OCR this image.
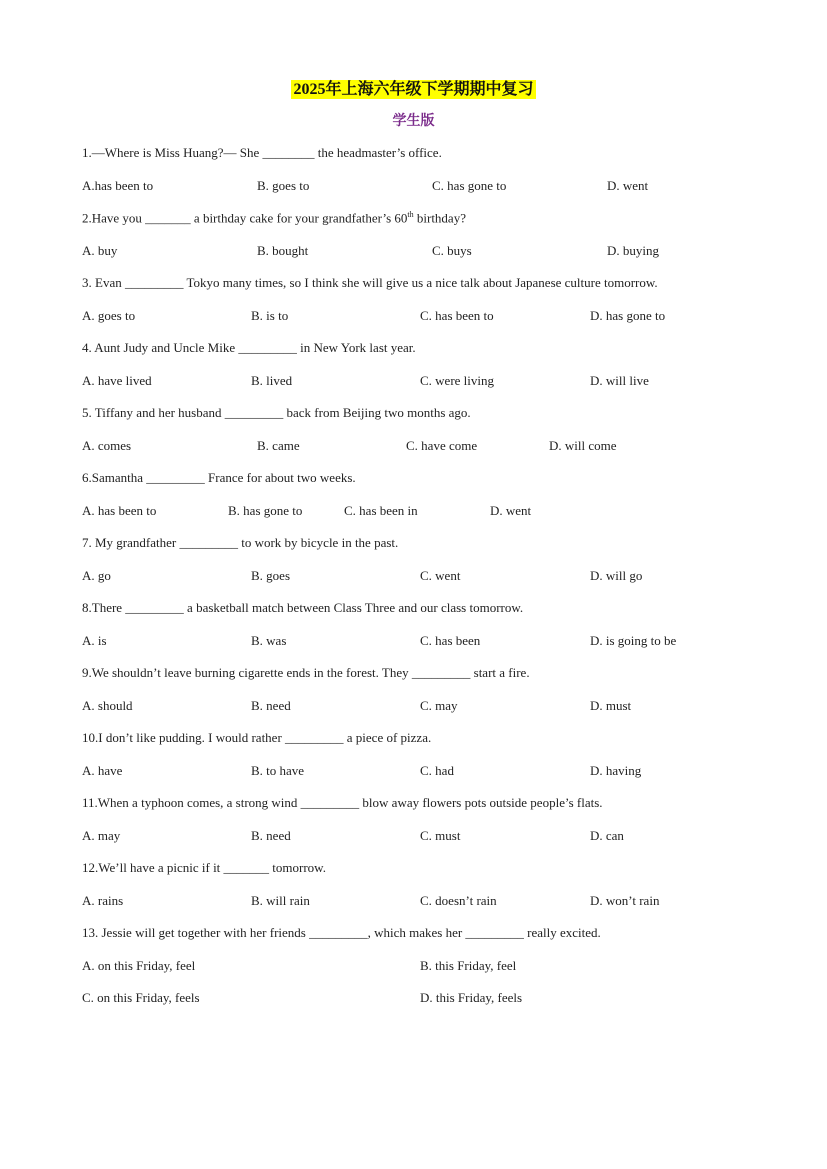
2025年上海六年级下学期期中复习
学生版
1.—Where is Miss Huang?— She ________ the headmaster’s office.
A.has been to	B. goes to	C. has gone to	D. went
2.Have you _______ a birthday cake for your grandfather’s 60th birthday?
A. buy	B. bought	C. buys	D. buying
3. Evan _________ Tokyo many times, so I think she will give us a nice talk about Japanese culture tomorrow.
A. goes to	B. is to	C. has been to	D. has gone to
4. Aunt Judy and Uncle Mike _________ in New York last year.
A. have lived	B. lived	C. were living	D. will live
5. Tiffany and her husband _________ back from Beijing two months ago.
A. comes	B. came	C. have come	D. will come
6.Samantha _________ France for about two weeks.
A. has been to	B. has gone to	C. has been in	D. went
7. My grandfather _________ to work by bicycle in the past.
A. go	B. goes	C. went	D. will go
8.There _________ a basketball match between Class Three and our class tomorrow.
A. is	B. was	C. has been	D. is going to be
9.We shouldn’t leave burning cigarette ends in the forest. They _________ start a fire.
A. should	B. need	C. may	D. must
10.I don’t like pudding. I would rather _________ a piece of pizza.
A. have	B. to have	C. had	D. having
11.When a typhoon comes, a strong wind _________ blow away flowers pots outside people’s flats.
A. may	B. need	C. must	D. can
12.We’ll have a picnic if it _______ tomorrow.
A. rains	B. will rain	C. doesn’t rain	D. won’t rain
13. Jessie will get together with her friends _________, which makes her _________ really excited.
A. on this Friday, feel	B. this Friday, feel
C. on this Friday, feels	D. this Friday, feels
